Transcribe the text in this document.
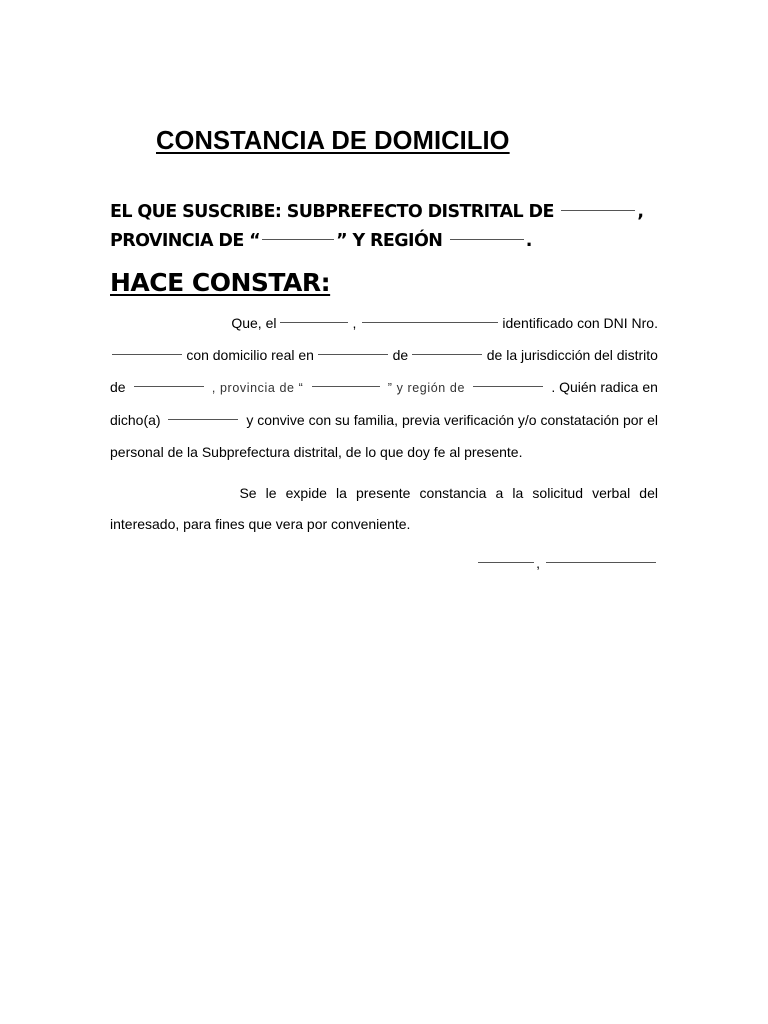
CONSTANCIA DE DOMICILIO
EL QUE SUSCRIBE: SUBPREFECTO DISTRITAL DE	,
PROVINCIA DE “	” Y REGIÓN	.
HACE CONSTAR:
Que, el	,	identificado con DNI Nro.
con domicilio real en	de	de la jurisdicción del distrito
de	, provincia de “	” y región de	. Quién radica en
dicho(a)	y convive con su familia, previa verificación y/o constatación por el
personal de la Subprefectura distrital, de lo que doy fe al presente.
Se le expide la presente constancia a la solicitud verbal del
interesado, para fines que vera por conveniente.
,
